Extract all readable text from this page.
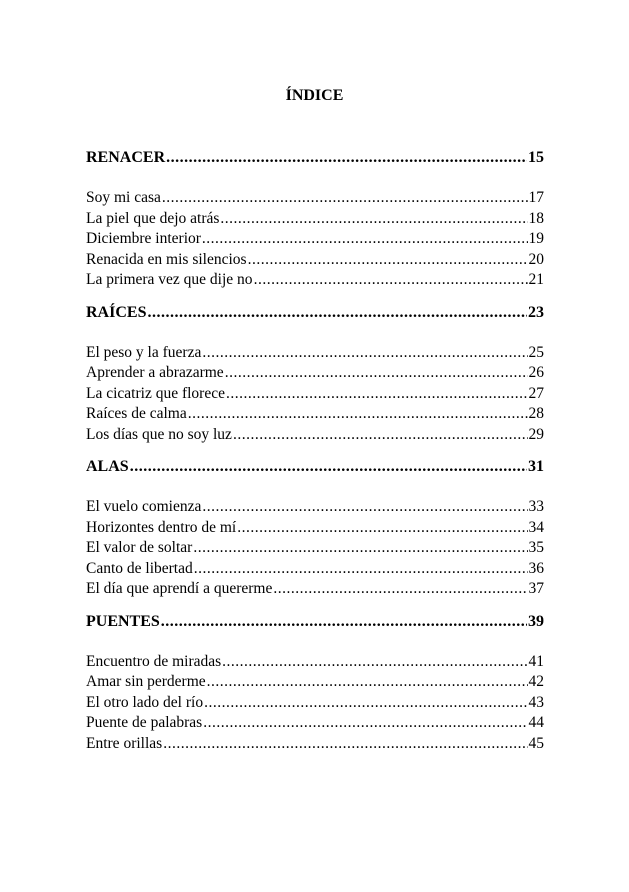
ÍNDICE
RENACER .....	15
Soy mi casa .....	17
La piel que dejo atrás .....	18
Diciembre interior .....	19
Renacida en mis silencios .....	20
La primera vez que dije no .....	21
RAÍCES .....	23
El peso y la fuerza .....	25
Aprender a abrazarme .....	26
La cicatriz que florece .....	27
Raíces de calma .....	28
Los días que no soy luz .....	29
ALAS .....	31
El vuelo comienza .....	33
Horizontes dentro de mí .....	34
El valor de soltar .....	35
Canto de libertad .....	36
El día que aprendí a quererme .....	37
PUENTES .....	39
Encuentro de miradas .....	41
Amar sin perderme .....	42
El otro lado del río .....	43
Puente de palabras .....	44
Entre orillas .....	45
